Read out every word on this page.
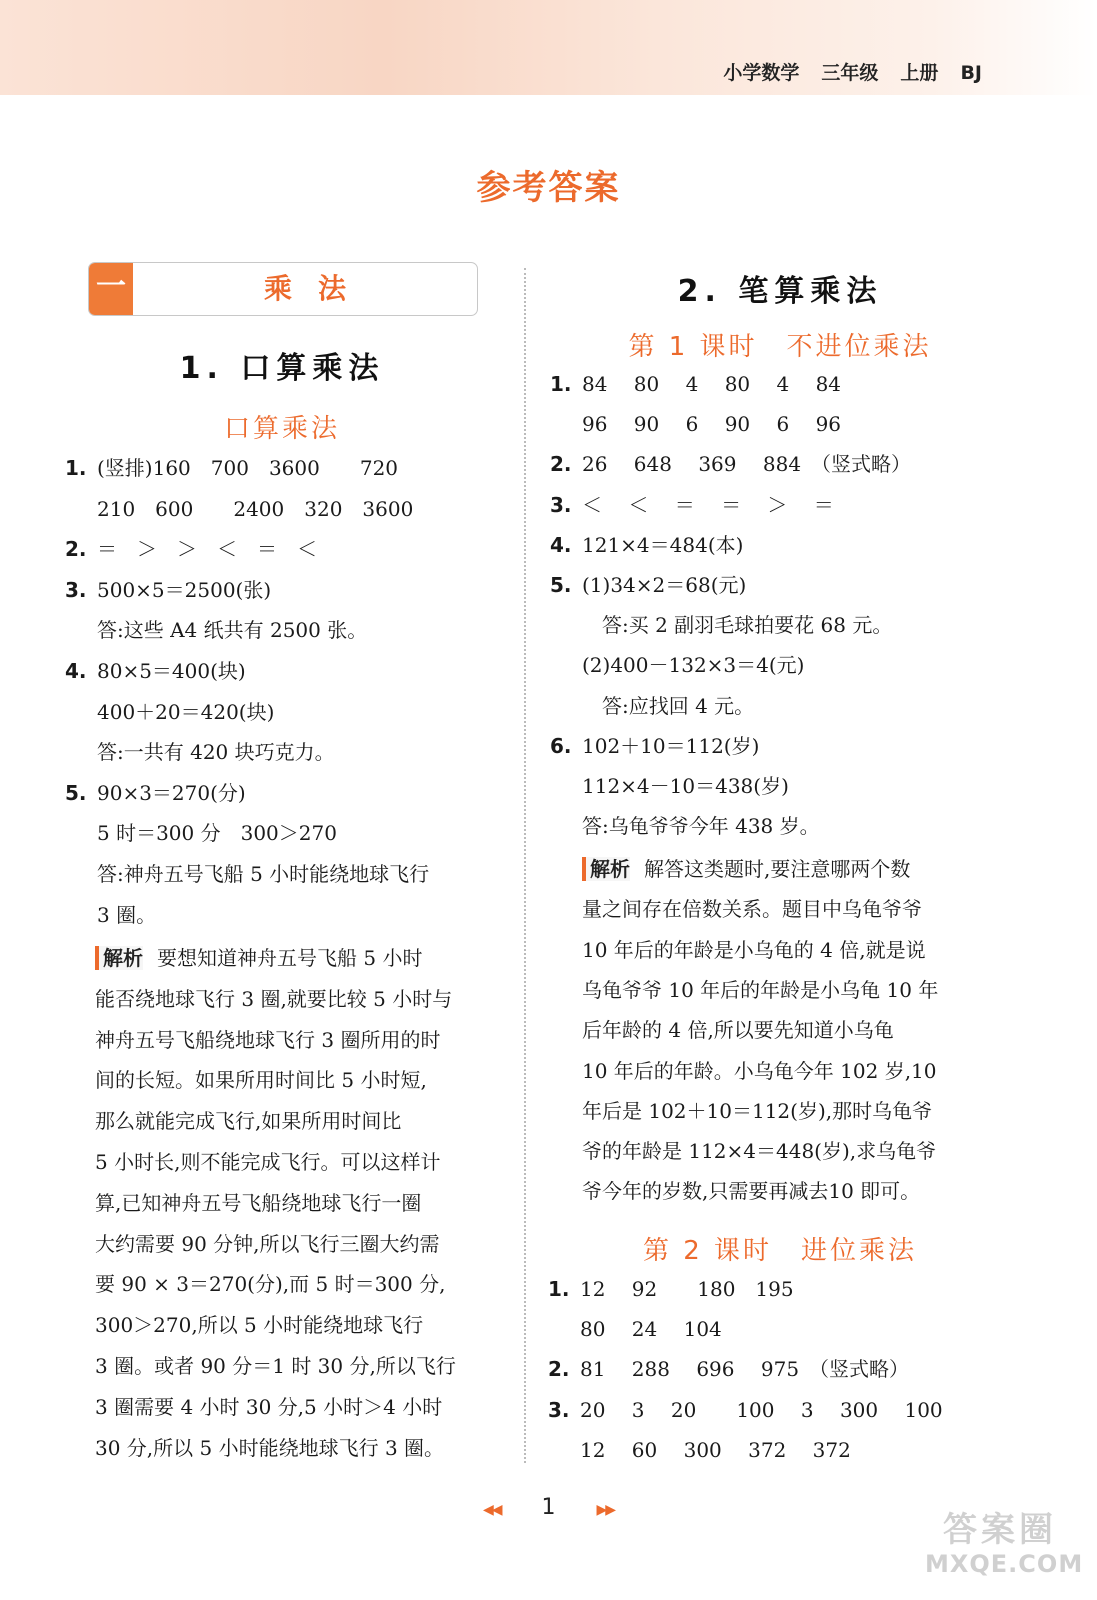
小学数学 三年级 上册 BJ
参考答案
一	乘法
1. 口算乘法
口算乘法
1. (竖排)160　700　3600　　720
210　600　　2400　320　3600
2. ＝　＞　＞　＜　＝　＜
3. 500×5＝2500(张)
答:这些 A4 纸共有 2500 张。
4. 80×5＝400(块)
400＋20＝420(块)
答:一共有 420 块巧克力。
5. 90×3＝270(分)
5 时＝300 分　300＞270
答:神舟五号飞船 5 小时能绕地球飞行
3 圈。
解析 要想知道神舟五号飞船 5 小时
能否绕地球飞行 3 圈,就要比较 5 小时与
神舟五号飞船绕地球飞行 3 圈所用的时
间的长短。如果所用时间比 5 小时短,
那么就能完成飞行,如果所用时间比
5 小时长,则不能完成飞行。可以这样计
算,已知神舟五号飞船绕地球飞行一圈
大约需要 90 分钟,所以飞行三圈大约需
要 90 × 3＝270(分),而 5 时＝300 分,
300＞270,所以 5 小时能绕地球飞行
3 圈。或者 90 分＝1 时 30 分,所以飞行
3 圈需要 4 小时 30 分,5 小时＞4 小时
30 分,所以 5 小时能绕地球飞行 3 圈。
2. 笔算乘法
第 1 课时　不进位乘法
1. 84　 80　 4　 80　 4　 84
96　 90　 6　 90　 6　 96
2. 26　 648　 369　 884　（竖式略）
3. ＜　 ＜　 ＝　 ＝　 ＞　 ＝
4. 121×4＝484(本)
5. (1)34×2＝68(元)
　答:买 2 副羽毛球拍要花 68 元。
(2)400－132×3＝4(元)
　答:应找回 4 元。
6. 102＋10＝112(岁)
112×4－10＝438(岁)
答:乌龟爷爷今年 438 岁。
解析 解答这类题时,要注意哪两个数
量之间存在倍数关系。题目中乌龟爷爷
10 年后的年龄是小乌龟的 4 倍,就是说
乌龟爷爷 10 年后的年龄是小乌龟 10 年
后年龄的 4 倍,所以要先知道小乌龟
10 年后的年龄。小乌龟今年 102 岁,10
年后是 102＋10＝112(岁),那时乌龟爷
爷的年龄是 112×4＝448(岁),求乌龟爷
爷今年的岁数,只需要再减去10 即可。
第 2 课时　进位乘法
1. 12　 92　　180　195
80　 24　 104
2. 81　 288　 696　 975　（竖式略）
3. 20　 3　 20　　100　 3　 300　 100
12　 60　 300　 372　 372
◀◀ 1	▶▶	答案圈
MXQE.COM
